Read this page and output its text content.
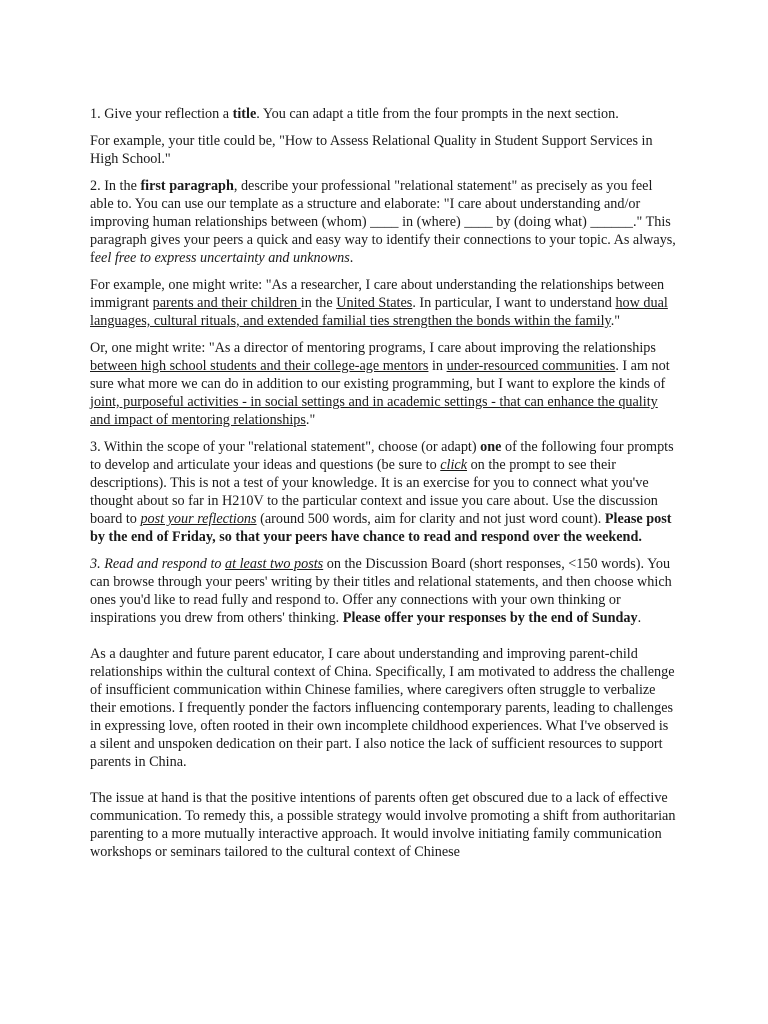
1. Give your reflection a title. You can adapt a title from the four prompts in the next section.

For example, your title could be, "How to Assess Relational Quality in Student Support Services in High School."

2. In the first paragraph, describe your professional "relational statement" as precisely as you feel able to. You can use our template as a structure and elaborate: "I care about understanding and/or improving human relationships between (whom) ____ in (where) ____ by (doing what) ______." This paragraph gives your peers a quick and easy way to identify their connections to your topic. As always, feel free to express uncertainty and unknowns.

For example, one might write: "As a researcher, I care about understanding the relationships between immigrant parents and their children in the United States. In particular, I want to understand how dual languages, cultural rituals, and extended familial ties strengthen the bonds within the family."

Or, one might write: "As a director of mentoring programs, I care about improving the relationships between high school students and their college-age mentors in under-resourced communities. I am not sure what more we can do in addition to our existing programming, but I want to explore the kinds of joint, purposeful activities - in social settings and in academic settings - that can enhance the quality and impact of mentoring relationships."

3. Within the scope of your "relational statement", choose (or adapt) one of the following four prompts to develop and articulate your ideas and questions (be sure to click on the prompt to see their descriptions). This is not a test of your knowledge. It is an exercise for you to connect what you've thought about so far in H210V to the particular context and issue you care about. Use the discussion board to post your reflections (around 500 words, aim for clarity and not just word count). Please post by the end of Friday, so that your peers have chance to read and respond over the weekend.

3. Read and respond to at least two posts on the Discussion Board (short responses, <150 words). You can browse through your peers' writing by their titles and relational statements, and then choose which ones you'd like to read fully and respond to. Offer any connections with your own thinking or inspirations you drew from others' thinking. Please offer your responses by the end of Sunday.

As a daughter and future parent educator, I care about understanding and improving parent-child relationships within the cultural context of China. Specifically, I am motivated to address the challenge of insufficient communication within Chinese families, where caregivers often struggle to verbalize their emotions. I frequently ponder the factors influencing contemporary parents, leading to challenges in expressing love, often rooted in their own incomplete childhood experiences. What I've observed is a silent and unspoken dedication on their part. I also notice the lack of sufficient resources to support parents in China.

The issue at hand is that the positive intentions of parents often get obscured due to a lack of effective communication. To remedy this, a possible strategy would involve promoting a shift from authoritarian parenting to a more mutually interactive approach. It would involve initiating family communication workshops or seminars tailored to the cultural context of Chinese
